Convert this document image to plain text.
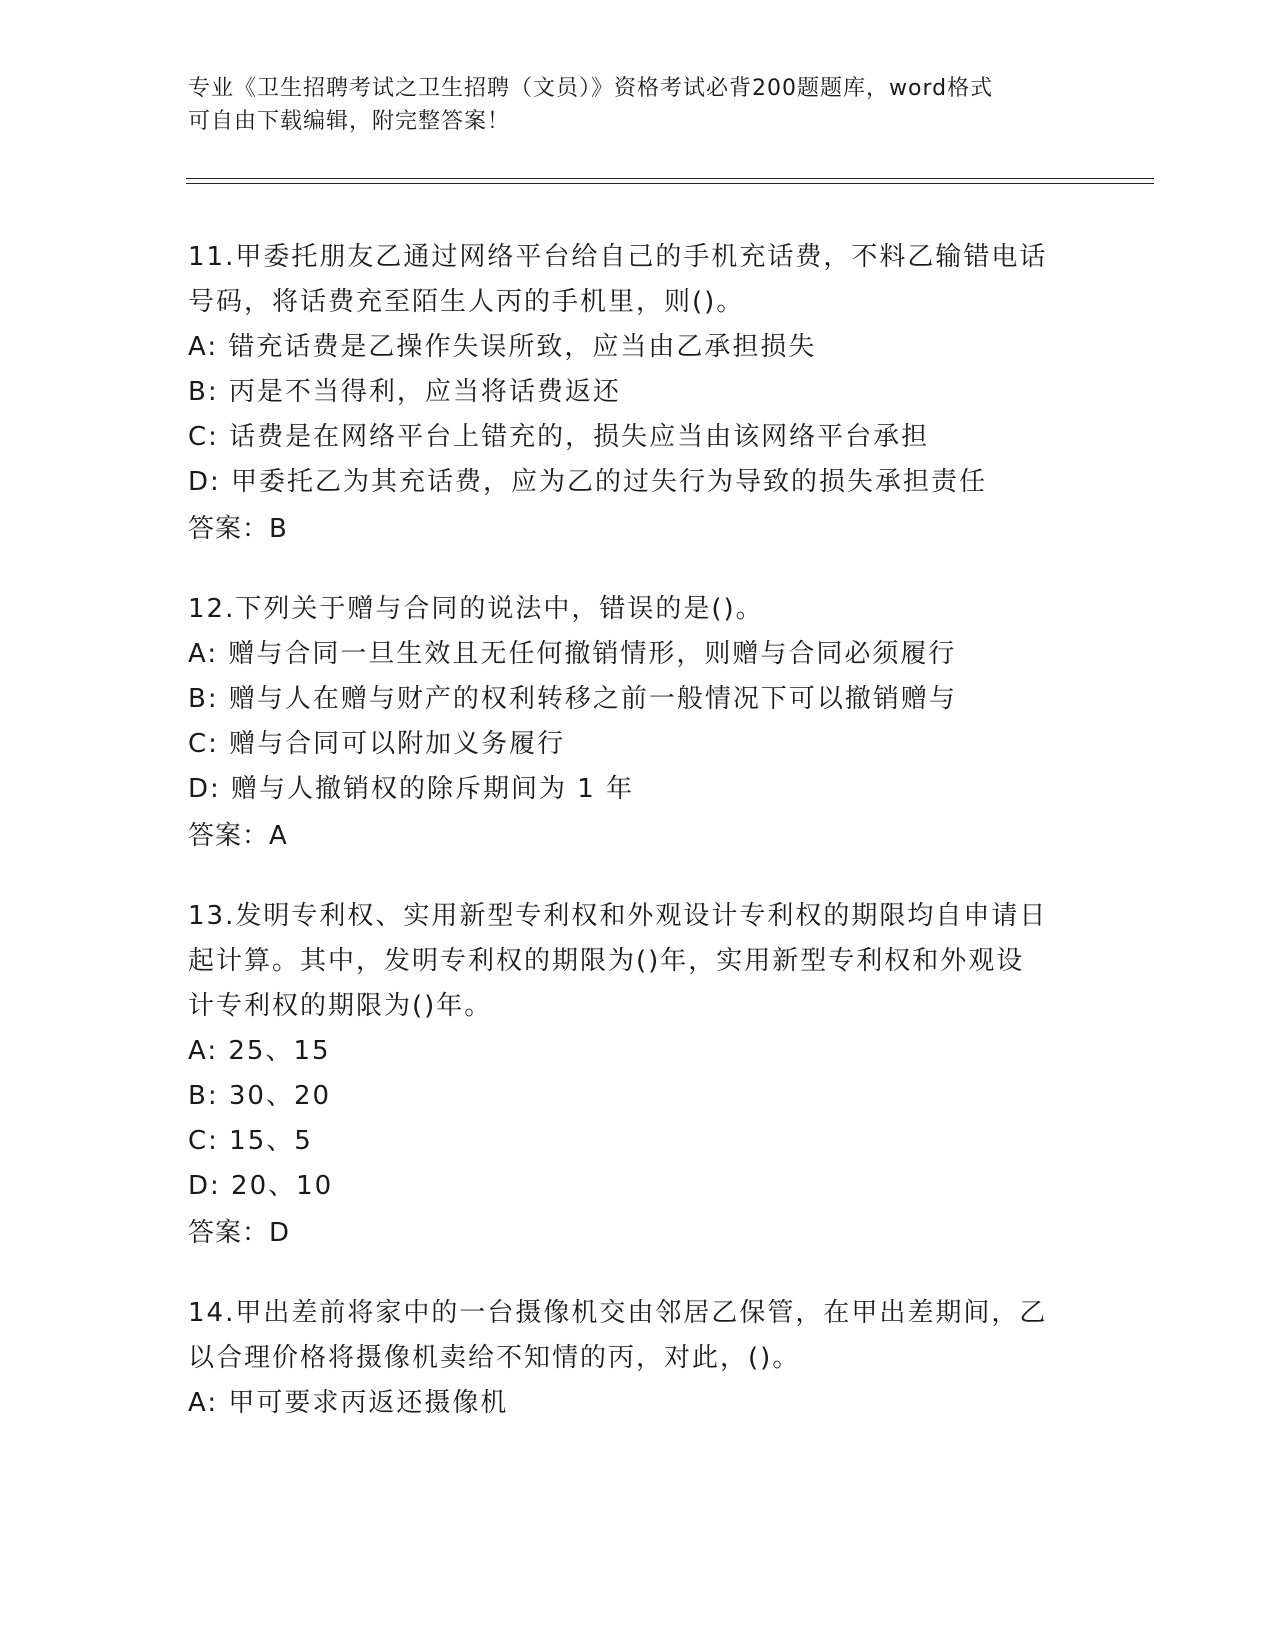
专业《卫生招聘考试之卫生招聘（文员）》资格考试必背200题题库，word格式
可自由下载编辑，附完整答案！
11.甲委托朋友乙通过网络平台给自己的手机充话费，不料乙输错电话
号码，将话费充至陌生人丙的手机里，则()。
A: 错充话费是乙操作失误所致，应当由乙承担损失
B: 丙是不当得利，应当将话费返还
C: 话费是在网络平台上错充的，损失应当由该网络平台承担
D: 甲委托乙为其充话费，应为乙的过失行为导致的损失承担责任
答案：B
12.下列关于赠与合同的说法中，错误的是()。
A: 赠与合同一旦生效且无任何撤销情形，则赠与合同必须履行
B: 赠与人在赠与财产的权利转移之前一般情况下可以撤销赠与
C: 赠与合同可以附加义务履行
D: 赠与人撤销权的除斥期间为 1 年
答案：A
13.发明专利权、实用新型专利权和外观设计专利权的期限均自申请日
起计算。其中，发明专利权的期限为()年，实用新型专利权和外观设
计专利权的期限为()年。
A: 25、15
B: 30、20
C: 15、5
D: 20、10
答案：D
14.甲出差前将家中的一台摄像机交由邻居乙保管，在甲出差期间，乙
以合理价格将摄像机卖给不知情的丙，对此，()。
A: 甲可要求丙返还摄像机
